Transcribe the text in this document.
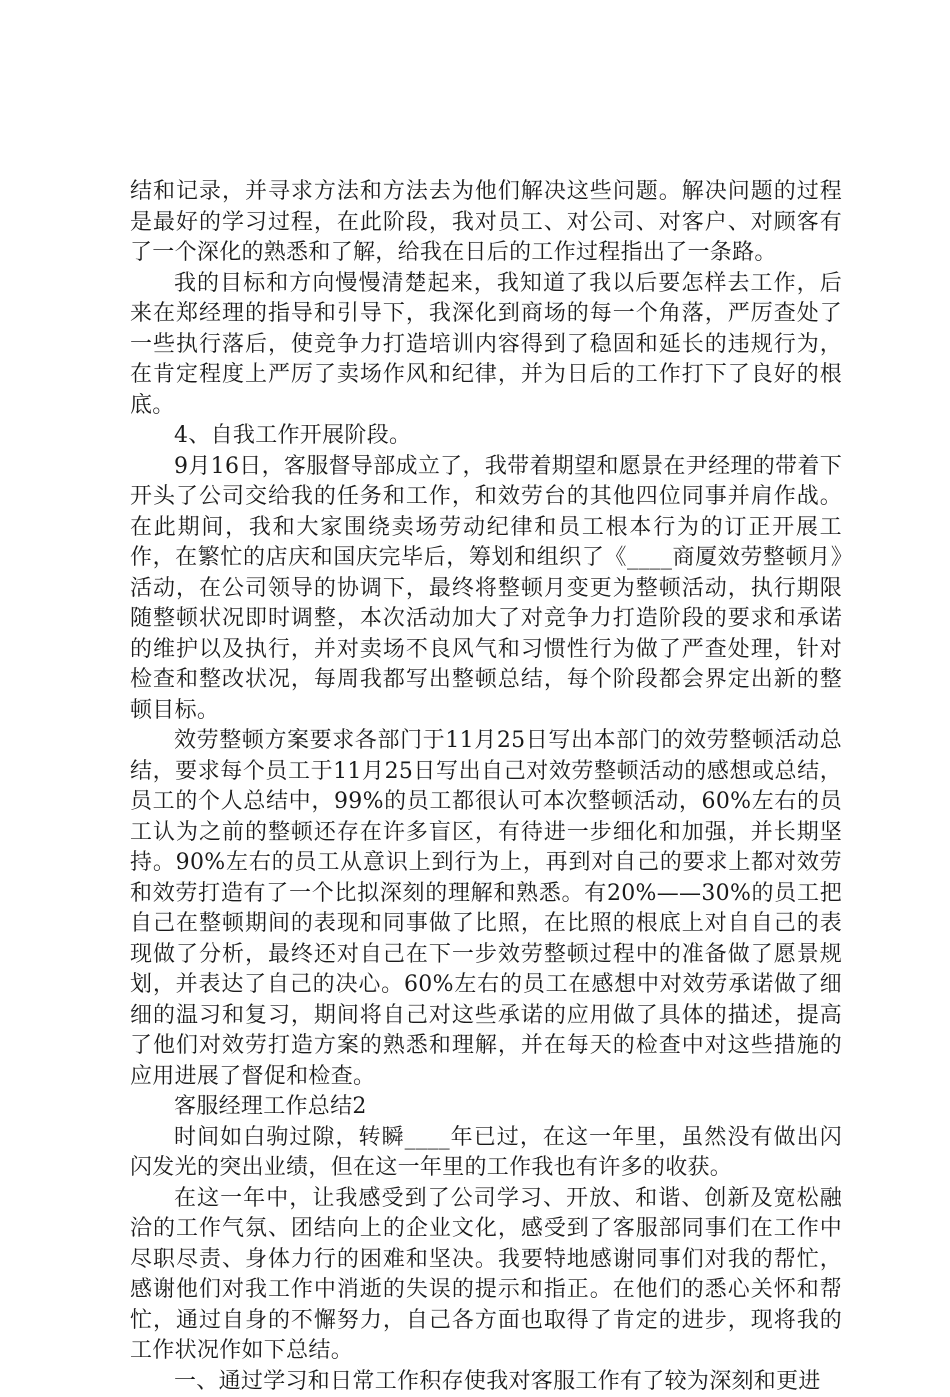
结和记录，并寻求方法和方法去为他们解决这些问题。解决问题的过程是最好的学习过程，在此阶段，我对员工、对公司、对客户、对顾客有了一个深化的熟悉和了解，给我在日后的工作过程指出了一条路。

我的目标和方向慢慢清楚起来，我知道了我以后要怎样去工作，后来在郑经理的指导和引导下，我深化到商场的每一个角落，严厉查处了一些执行落后，使竞争力打造培训内容得到了稳固和延长的违规行为，在肯定程度上严厉了卖场作风和纪律，并为日后的工作打下了良好的根底。

4、自我工作开展阶段。

9月16日，客服督导部成立了，我带着期望和愿景在尹经理的带着下开头了公司交给我的任务和工作，和效劳台的其他四位同事并肩作战。在此期间，我和大家围绕卖场劳动纪律和员工根本行为的订正开展工作，在繁忙的店庆和国庆完毕后，筹划和组织了《____商厦效劳整顿月》活动，在公司领导的协调下，最终将整顿月变更为整顿活动，执行期限随整顿状况即时调整，本次活动加大了对竞争力打造阶段的要求和承诺的维护以及执行，并对卖场不良风气和习惯性行为做了严查处理，针对检查和整改状况，每周我都写出整顿总结，每个阶段都会界定出新的整顿目标。

效劳整顿方案要求各部门于11月25日写出本部门的效劳整顿活动总结，要求每个员工于11月25日写出自己对效劳整顿活动的感想或总结，员工的个人总结中，99%的员工都很认可本次整顿活动，60%左右的员工认为之前的整顿还存在许多盲区，有待进一步细化和加强，并长期坚持。90%左右的员工从意识上到行为上，再到对自己的要求上都对效劳和效劳打造有了一个比拟深刻的理解和熟悉。有20%——30%的员工把自己在整顿期间的表现和同事做了比照，在比照的根底上对自自己的表现做了分析，最终还对自己在下一步效劳整顿过程中的准备做了愿景规划，并表达了自己的决心。60%左右的员工在感想中对效劳承诺做了细细的温习和复习，期间将自己对这些承诺的应用做了具体的描述，提高了他们对效劳打造方案的熟悉和理解，并在每天的检查中对这些措施的应用进展了督促和检查。

客服经理工作总结2

时间如白驹过隙，转瞬____年已过，在这一年里，虽然没有做出闪闪发光的突出业绩，但在这一年里的工作我也有许多的收获。

在这一年中，让我感受到了公司学习、开放、和谐、创新及宽松融洽的工作气氛、团结向上的企业文化，感受到了客服部同事们在工作中尽职尽责、身体力行的困难和坚决。我要特地感谢同事们对我的帮忙，感谢他们对我工作中消逝的失误的提示和指正。在他们的悉心关怀和帮忙，通过自身的不懈努力，自己各方面也取得了肯定的进步，现将我的工作状况作如下总结。

一、通过学习和日常工作积存使我对客服工作有了较为深刻和更进
